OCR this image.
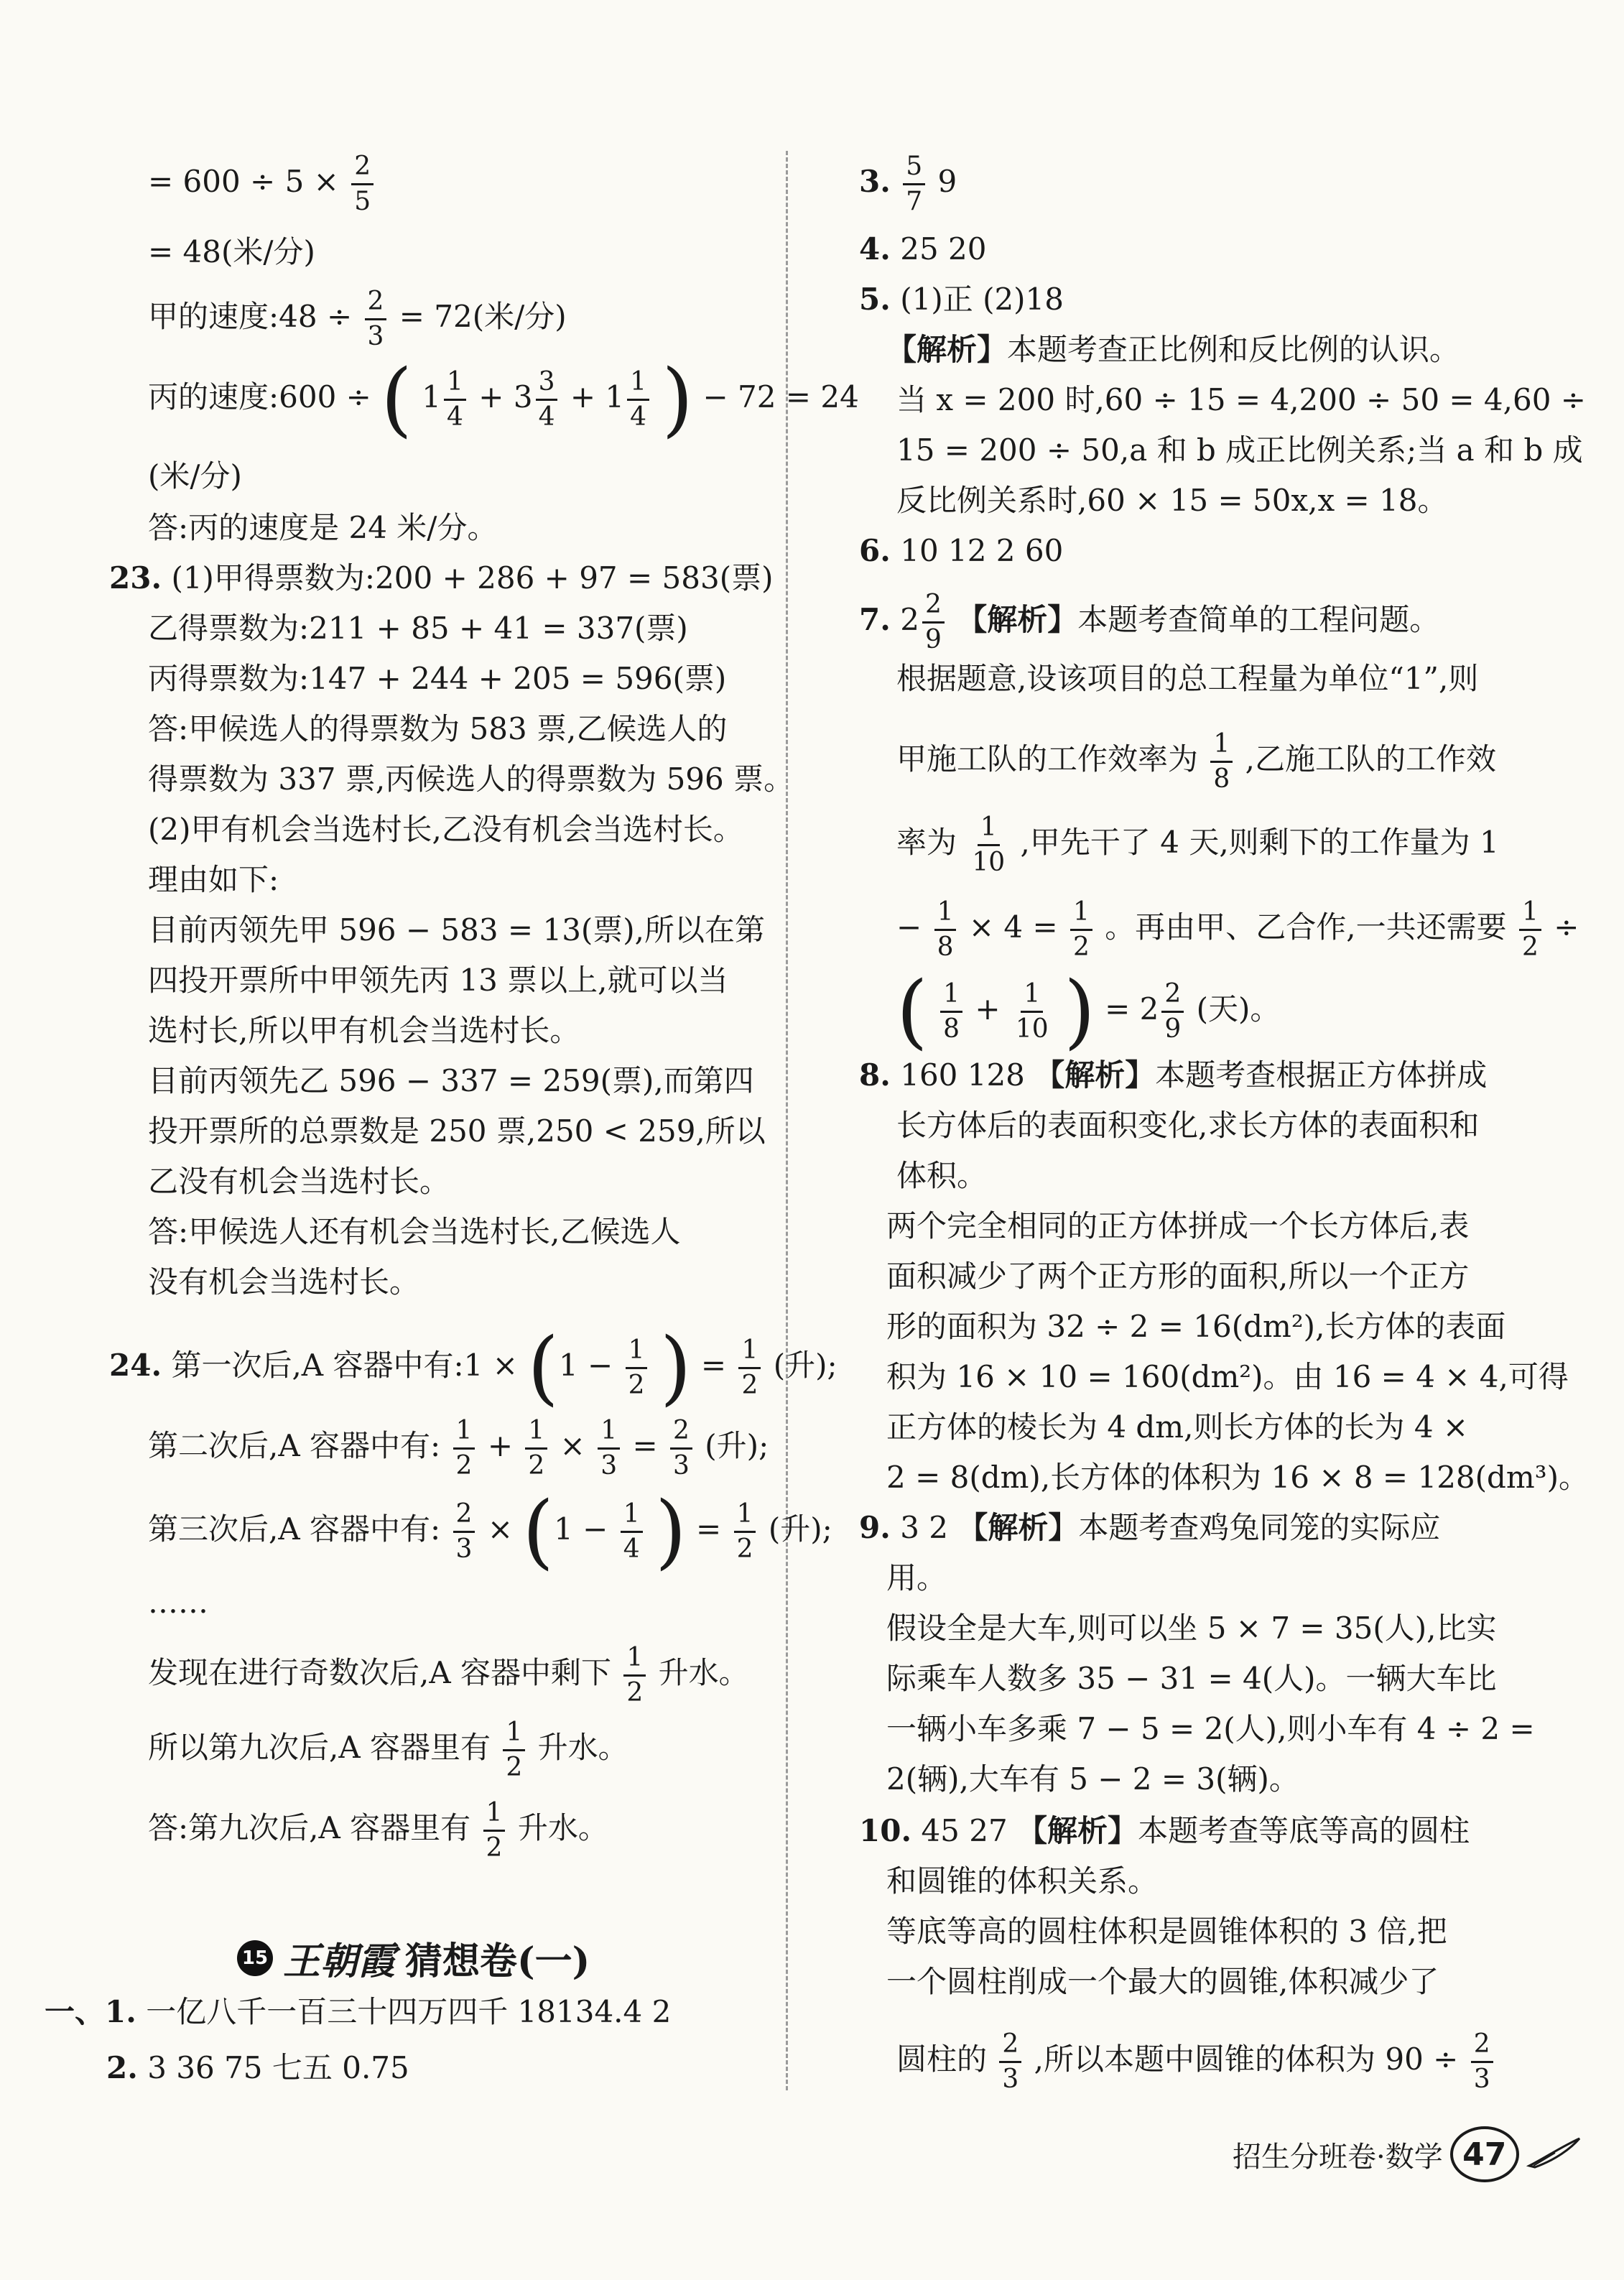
= $600 \div 5 \times \frac{2}{5}$
= 48(米/分)
甲的速度:48 ÷ $\frac{2}{3} = 72$(米/分)
丙的速度:600 ÷ ( $1 \frac{1}{4} + 3 \frac{3}{4} + 1 \frac{1}{4}$ ) − 72 = 24
(米/分)
答:丙的速度是 24 米/分。
23. (1)甲得票数为:200 + 286 + 97 = 583(票)
乙得票数为:211 + 85 + 41 = 337(票)
丙得票数为:147 + 244 + 205 = 596(票)
答:甲候选人的得票数为 583 票,乙候选人的
得票数为 337 票,丙候选人的得票数为 596 票。
(2)甲有机会当选村长,乙没有机会当选村长。
理由如下:
目前丙领先甲 596 − 583 = 13(票),所以在第
四投开票所中甲领先丙 13 票以上,就可以当
选村长,所以甲有机会当选村长。
目前丙领先乙 596 − 337 = 259(票),而第四
投开票所的总票数是 250 票,250 < 259,所以
乙没有机会当选村长。
答:甲候选人还有机会当选村长,乙候选人
没有机会当选村长。
24. 第一次后,A 容器中有:1 × ($1 - \frac{1}{2}$ ) = $\frac{1}{2}$ (升);
第二次后,A 容器中有: $\frac{1}{2} + \frac{1}{2} \times \frac{1}{3} = \frac{2}{3}$ (升);
第三次后,A 容器中有: $\frac{2}{3} \times (1 - \frac{1}{4}$ ) = $\frac{1}{2}$ (升);
……
发现在进行奇数次后,A 容器中剩下 $\frac{1}{2}$ 升水。
所以第九次后,A 容器里有 $\frac{1}{2}$ 升水。
答:第九次后,A 容器里有 $\frac{1}{2}$ 升水。
15 王朝霞 猜想卷(一)
一、1. 一亿八千一百三十四万四千 18134.4 2
2. 3 36 75 七五 0.75
3. $\frac{5}{7} 9$
4. 25 20
5. (1)正 (2)18
【解析】本题考查正比例和反比例的认识。
当 x = 200 时,60 ÷ 15 = 4,200 ÷ 50 = 4,60 ÷
15 = 200 ÷ 50,a 和 b 成正比例关系;当 a 和 b 成
反比例关系时,60 × 15 = 50x,x = 18。
6. 10 12 2 60
7. $2 \frac{2}{9}$ 【解析】本题考查简单的工程问题。
根据题意,设该项目的总工程量为单位“1”,则
甲施工队的工作效率为 $\frac{1}{8}$ ,乙施工队的工作效
率为 $\frac{1}{10}$ ,甲先干了 4 天,则剩下的工作量为 1
− $\frac{1}{8} \times 4 = \frac{1}{2}$ 。再由甲、乙合作,一共还需要 $\frac{1}{2}$ ÷
( $\frac{1}{8} + \frac{1}{10}$ ) = $2 \frac{2}{9}$ (天)。
8. 160 128 【解析】本题考查根据正方体拼成
长方体后的表面积变化,求长方体的表面积和
体积。
两个完全相同的正方体拼成一个长方体后,表
面积减少了两个正方形的面积,所以一个正方
形的面积为 32 ÷ 2 = 16(dm²),长方体的表面
积为 16 × 10 = 160(dm²)。由 16 = 4 × 4,可得
正方体的棱长为 4 dm,则长方体的长为 4 ×
2 = 8(dm),长方体的体积为 16 × 8 = 128(dm³)。
9. 3 2 【解析】本题考查鸡兔同笼的实际应
用。
假设全是大车,则可以坐 5 × 7 = 35(人),比实
际乘车人数多 35 − 31 = 4(人)。一辆大车比
一辆小车多乘 7 − 5 = 2(人),则小车有 4 ÷ 2 =
2(辆),大车有 5 − 2 = 3(辆)。
10. 45 27 【解析】本题考查等底等高的圆柱
和圆锥的体积关系。
等底等高的圆柱体积是圆锥体积的 3 倍,把
一个圆柱削成一个最大的圆锥,体积减少了
圆柱的 $\frac{2}{3}$ ,所以本题中圆锥的体积为 $90 \div \frac{2}{3}$
招生分班卷·数学 47
